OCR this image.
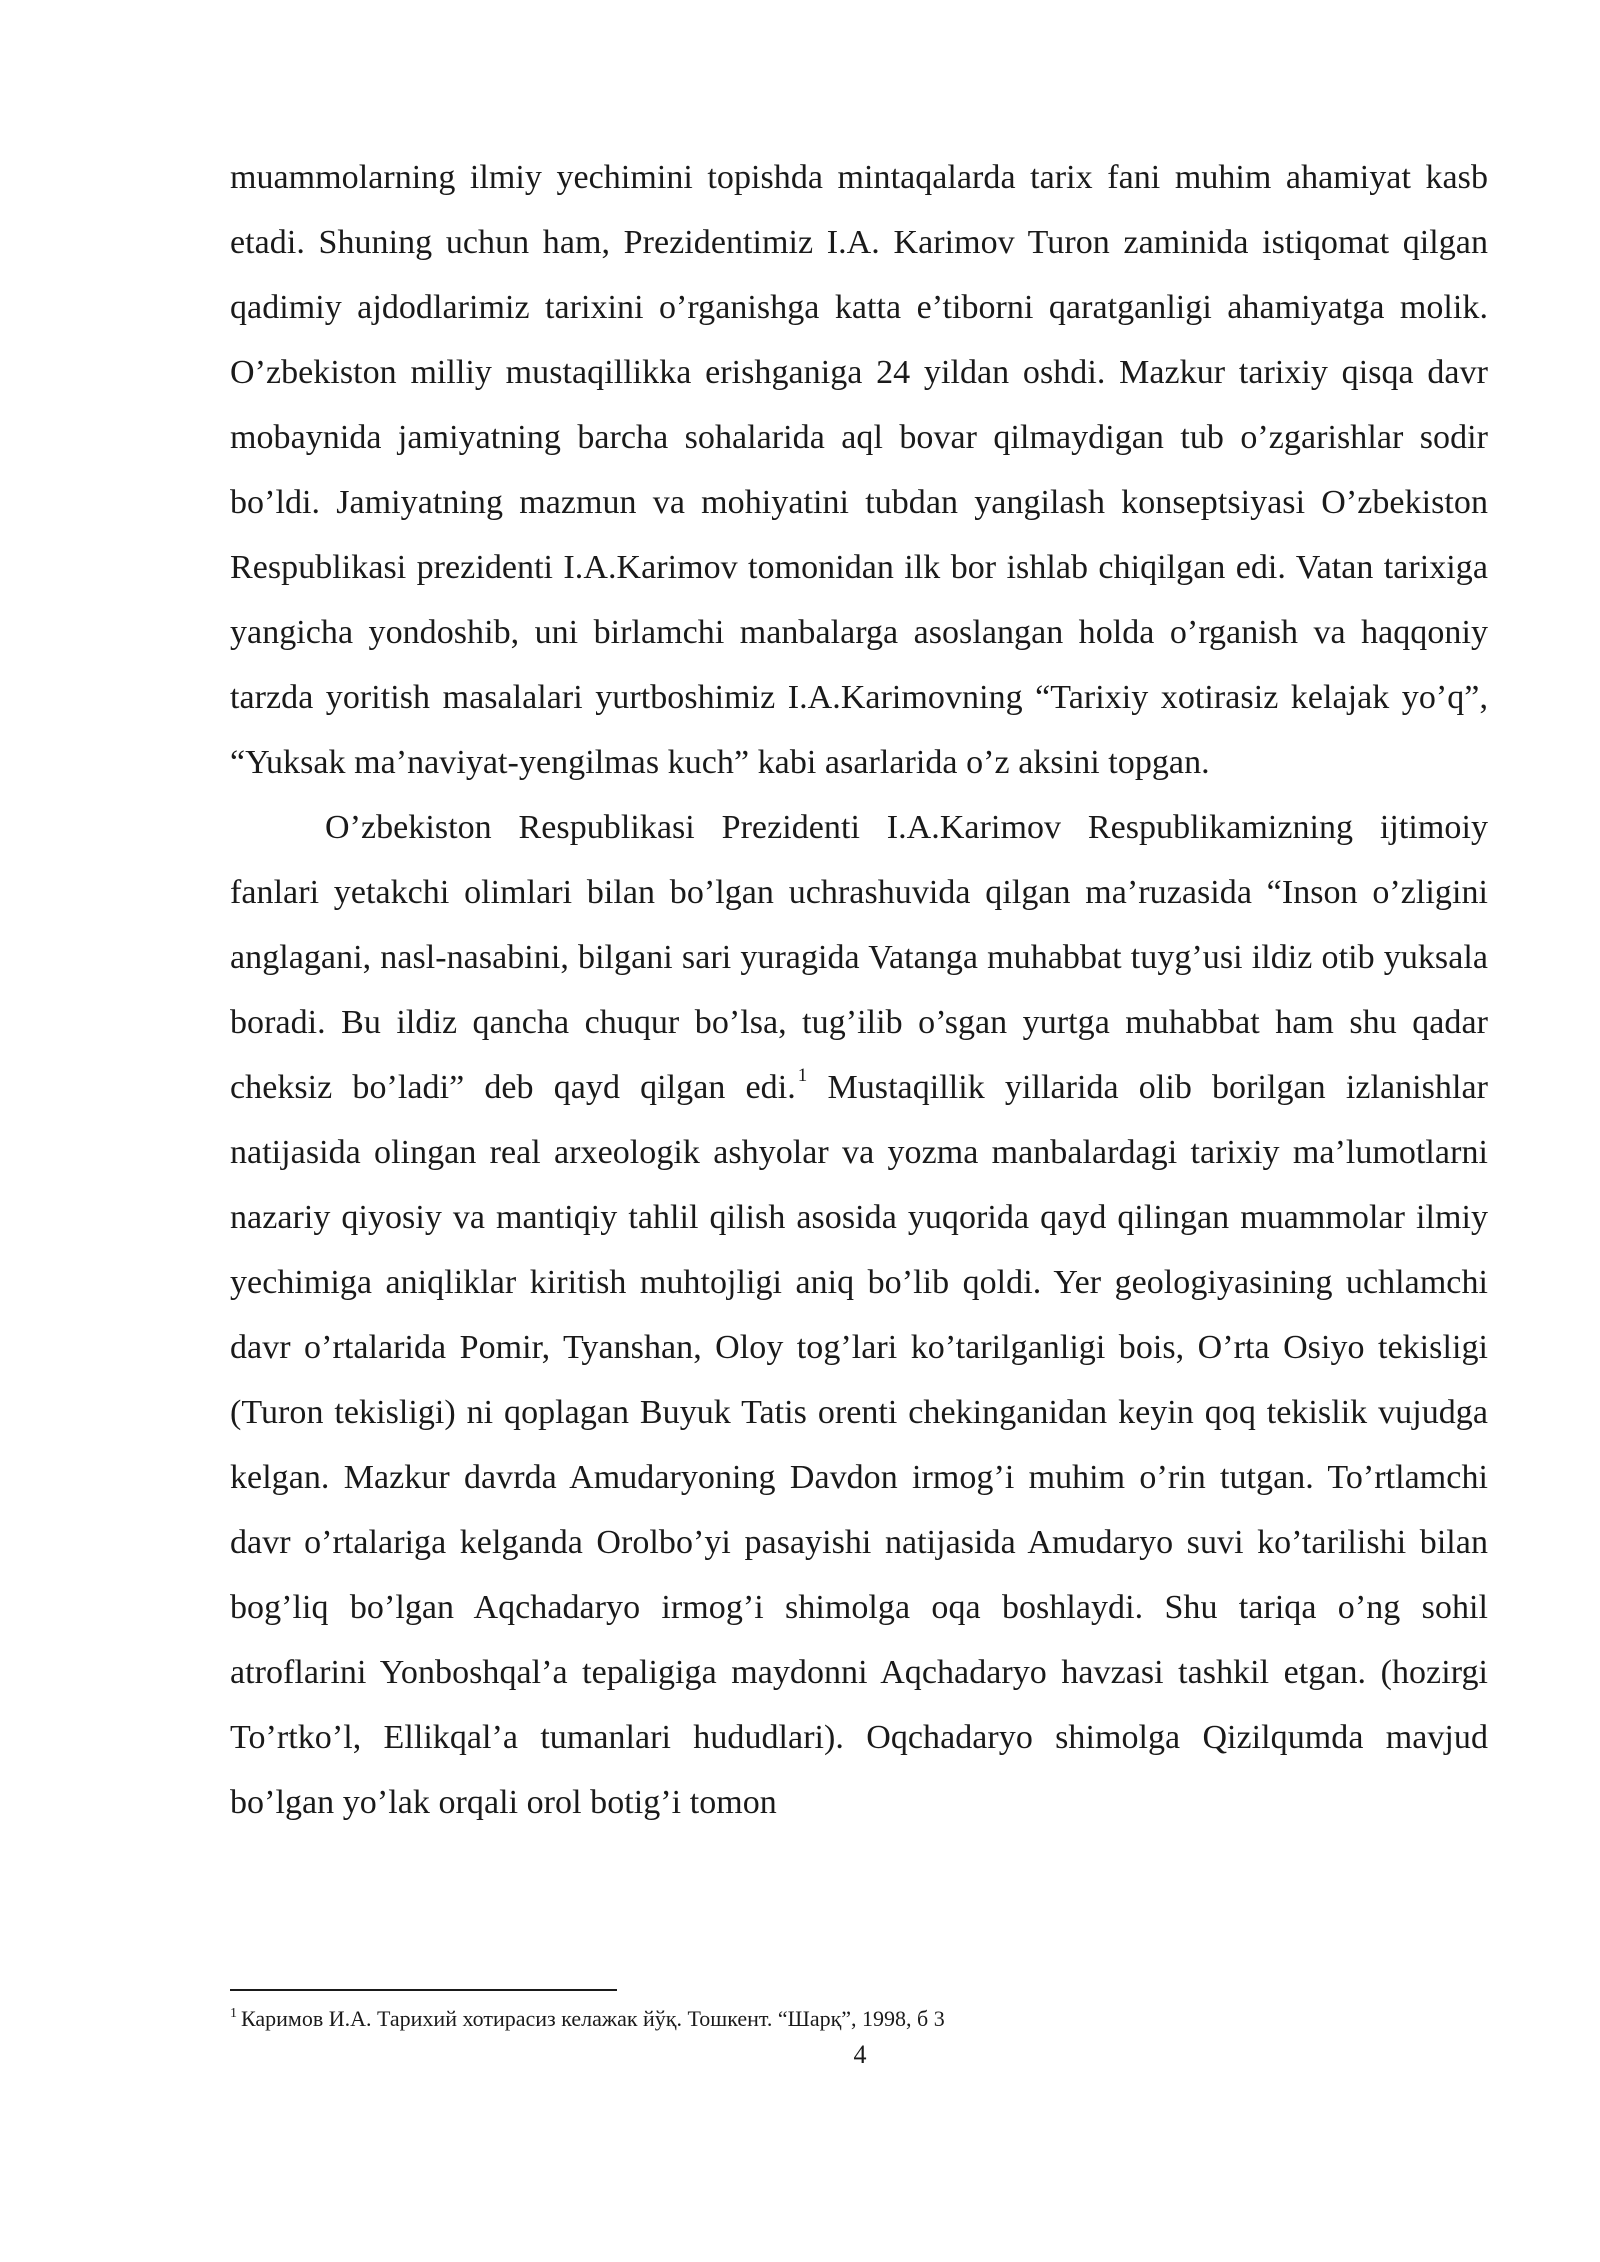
muammolarning ilmiy yechimini topishda mintaqalarda tarix fani muhim ahamiyat kasb etadi. Shuning uchun ham, Prezidentimiz I.A. Karimov Turon zaminida istiqomat qilgan qadimiy ajdodlarimiz tarixini o’rganishga katta e’tiborni qaratganligi ahamiyatga molik. O’zbekiston milliy mustaqillikka erishganiga 24 yildan oshdi. Mazkur tarixiy qisqa davr mobaynida jamiyatning barcha sohalarida aql bovar qilmaydigan tub o’zgarishlar sodir bo’ldi. Jamiyatning mazmun va mohiyatini tubdan yangilash konseptsiyasi O’zbekiston Respublikasi prezidenti I.A.Karimov tomonidan ilk bor ishlab chiqilgan edi. Vatan tarixiga yangicha yondoshib, uni birlamchi manbalarga asoslangan holda o’rganish va haqqoniy tarzda yoritish masalalari yurtboshimiz I.A.Karimovning “Tarixiy xotirasiz kelajak yo’q”, “Yuksak ma’naviyat-yengilmas kuch” kabi asarlarida o’z aksini topgan.

O’zbekiston Respublikasi Prezidenti I.A.Karimov Respublikamizning ijtimoiy fanlari yetakchi olimlari bilan bo’lgan uchrashuvida qilgan ma’ruzasida “Inson o’zligini anglagani, nasl-nasabini, bilgani sari yuragida Vatanga muhabbat tuyg’usi ildiz otib yuksala boradi. Bu ildiz qancha chuqur bo’lsa, tug’ilib o’sgan yurtga muhabbat ham shu qadar cheksiz bo’ladi” deb qayd qilgan edi. $^1$ Mustaqillik yillarida olib borilgan izlanishlar natijasida olingan real arxeologik ashyolar va yozma manbalardagi tarixiy ma’lumotlarni nazariy qiyosiy va mantiqiy tahlil qilish asosida yuqorida qayd qilingan muammolar ilmiy yechimiga aniqliklar kiritish muhtojligi aniq bo’lib qoldi. Yer geologiyasining uchlamchi davr o’rtalarida Pomir, Tyanshan, Oloy tog’lari ko’tarilganligi bois, O’rta Osiyo tekisligi (Turon tekisligi) ni qoplagan Buyuk Tatis orenti chekinganidan keyin qoq tekislik vujudga kelgan. Mazkur davrda Amudaryoning Davdon irmog’i muhim o’rin tutgan. To’rtlamchi davr o’rtalariga kelganda Orolbo’yi pasayishi natijasida Amudaryo suvi ko’tarilishi bilan bog’liq bo’lgan Aqchadaryo irmog’i shimolga oqa boshlaydi. Shu tariqa o’ng sohil atroflarini Yonboshqal’a tepaligiga maydonni Aqchadaryo havzasi tashkil etgan. (hozirgi To’rtko’l, Ellikqal’a tumanlari hududlari). Oqchadaryo shimolga Qizilqumda mavjud bo’lgan yo’lak orqali orol botig’i tomon

$^1$ Каримов И.А. Тарихий хотирасиз келажак йўқ. Тошкент. “Шарқ”, 1998, б 3
4
